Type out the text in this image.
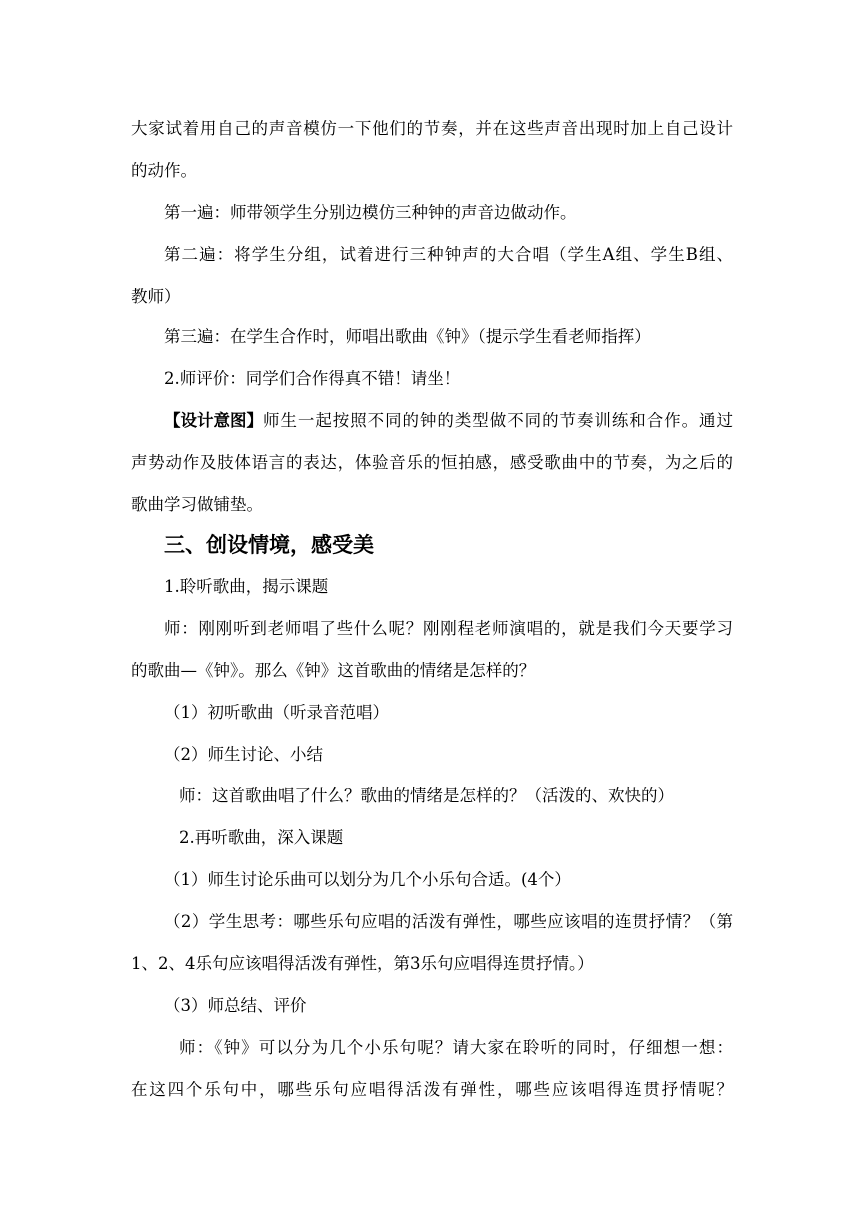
大家试着用自己的声音模仿一下他们的节奏，并在这些声音出现时加上自己设计
的动作。
第一遍：师带领学生分别边模仿三种钟的声音边做动作。
第二遍：将学生分组，试着进行三种钟声的大合唱（学生A组、学生B组、
教师）
第三遍：在学生合作时，师唱出歌曲《钟》（提示学生看老师指挥）
2.师评价：同学们合作得真不错！请坐！
【设计意图】 师生一起按照不同的钟的类型做不同的节奏训练和合作。通过
声势动作及肢体语言的表达，体验音乐的恒拍感，感受歌曲中的节奏，为之后的
歌曲学习做铺垫。
三、创设情境，感受美
1.聆听歌曲，揭示课题
师：刚刚听到老师唱了些什么呢？刚刚程老师演唱的，就是我们今天要学习
的歌曲—《钟》。那么《钟》这首歌曲的情绪是怎样的？
（1）初听歌曲（听录音范唱）
（2）师生讨论、小结
师：这首歌曲唱了什么？歌曲的情绪是怎样的？（活泼的、欢快的）
2.再听歌曲，深入课题
（1）师生讨论乐曲可以划分为几个小乐句合适。(4个）
（2）学生思考：哪些乐句应唱的活泼有弹性，哪些应该唱的连贯抒情？（第
1、2、4乐句应该唱得活泼有弹性，第3乐句应唱得连贯抒情。）
（3）师总结、评价
师：《钟》可以分为几个小乐句呢？请大家在聆听的同时，仔细想一想：
在这四个乐句中，哪些乐句应唱得活泼有弹性，哪些应该唱得连贯抒情呢？
